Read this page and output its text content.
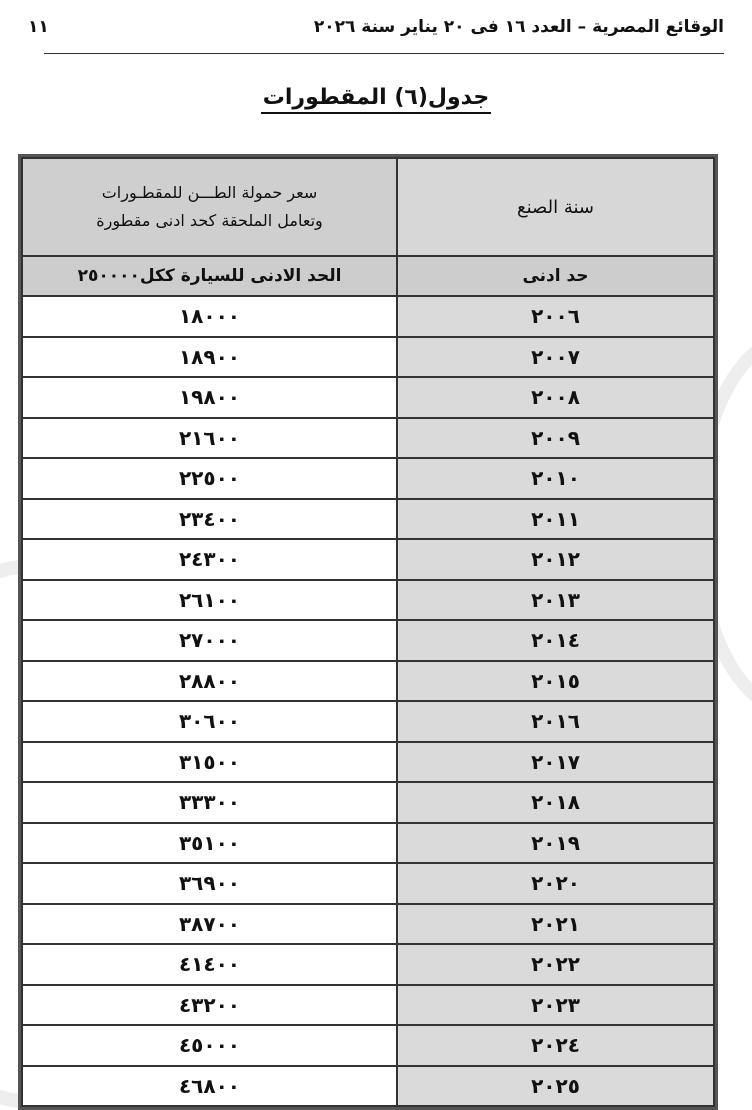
الوقائع المصرية – العدد ١٦ فى ٢٠ يناير سنة ٢٠٢٦
١١
جدول(٦) المقطورات
سنة الصنع	سعر حمولة الطـــن للمقطـورات
وتعامل الملحقة كحد ادنى مقطورة

حد ادنى	الحد الادنى للسيارة ككل٢٥٠٠٠٠
٢٠٠٦	١٨٠٠٠
٢٠٠٧	١٨٩٠٠
٢٠٠٨	١٩٨٠٠
٢٠٠٩	٢١٦٠٠
٢٠١٠	٢٢٥٠٠
٢٠١١	٢٣٤٠٠
٢٠١٢	٢٤٣٠٠
٢٠١٣	٢٦١٠٠
٢٠١٤	٢٧٠٠٠
٢٠١٥	٢٨٨٠٠
٢٠١٦	٣٠٦٠٠
٢٠١٧	٣١٥٠٠
٢٠١٨	٣٣٣٠٠
٢٠١٩	٣٥١٠٠
٢٠٢٠	٣٦٩٠٠
٢٠٢١	٣٨٧٠٠
٢٠٢٢	٤١٤٠٠
٢٠٢٣	٤٣٢٠٠
٢٠٢٤	٤٥٠٠٠
٢٠٢٥	٤٦٨٠٠
